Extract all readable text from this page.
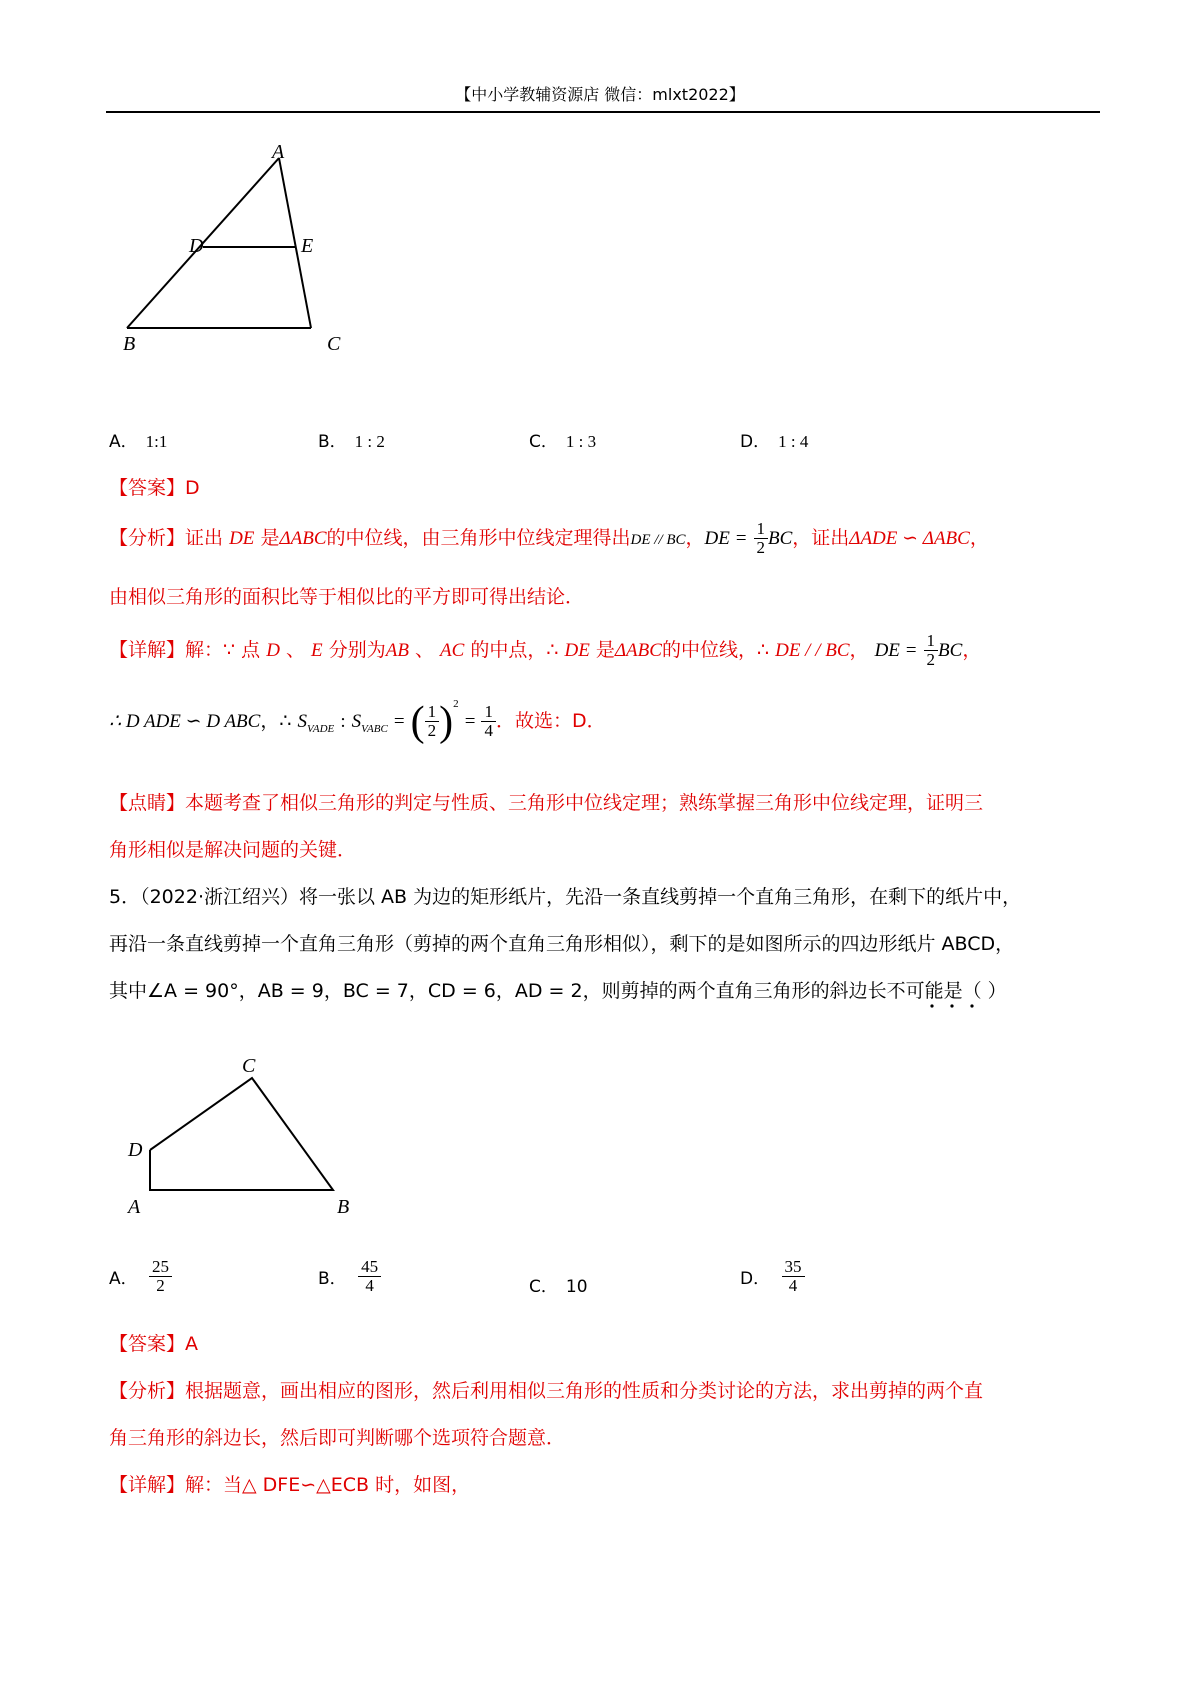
【中小学教辅资源店 微信：mlxt2022】
A
D	E
B	C
A． 1:1	B． 1 : 2	C． 1 : 3	D． 1 : 4
【答案】D
【分析】证出 DE 是ΔABC的中位线，由三角形中位线定理得出DE // BC，DE = $\frac{1}{2}$ BC，证出ΔADE ∽ ΔABC，
由相似三角形的面积比等于相似比的平方即可得出结论．
【详解】解：∵ 点 D 、 E 分别为AB 、 AC 的中点，∴ DE 是ΔABC的中位线，∴ DE / / BC， DE = $\frac{1}{2}$ BC，
∴ D ADE ∽ D ABC，∴ $S_{VADE}$ : $S_{VABC}$ = ( $\frac{1}{2} )^2 = \frac{1}{4}$ ．故选：D．
【点睛】本题考查了相似三角形的判定与性质、三角形中位线定理；熟练掌握三角形中位线定理，证明三
角形相似是解决问题的关键．
5．（2022·浙江绍兴）将一张以 AB 为边的矩形纸片，先沿一条直线剪掉一个直角三角形，在剩下的纸片中，
再沿一条直线剪掉一个直角三角形（剪掉的两个直角三角形相似），剩下的是如图所示的四边形纸片 ABCD，
其中∠A = 90°，AB = 9，BC = 7，CD = 6，AD = 2，则剪掉的两个直角三角形的斜边长不可能是（ ）
C
D
A	B
A． $\frac{25}{2}$	B． $\frac{45}{4}$	C． 10	D． $\frac{35}{4}$
【答案】A
【分析】根据题意，画出相应的图形，然后利用相似三角形的性质和分类讨论的方法，求出剪掉的两个直
角三角形的斜边长，然后即可判断哪个选项符合题意．
【详解】解：当△ DFE∽△ECB 时，如图，
